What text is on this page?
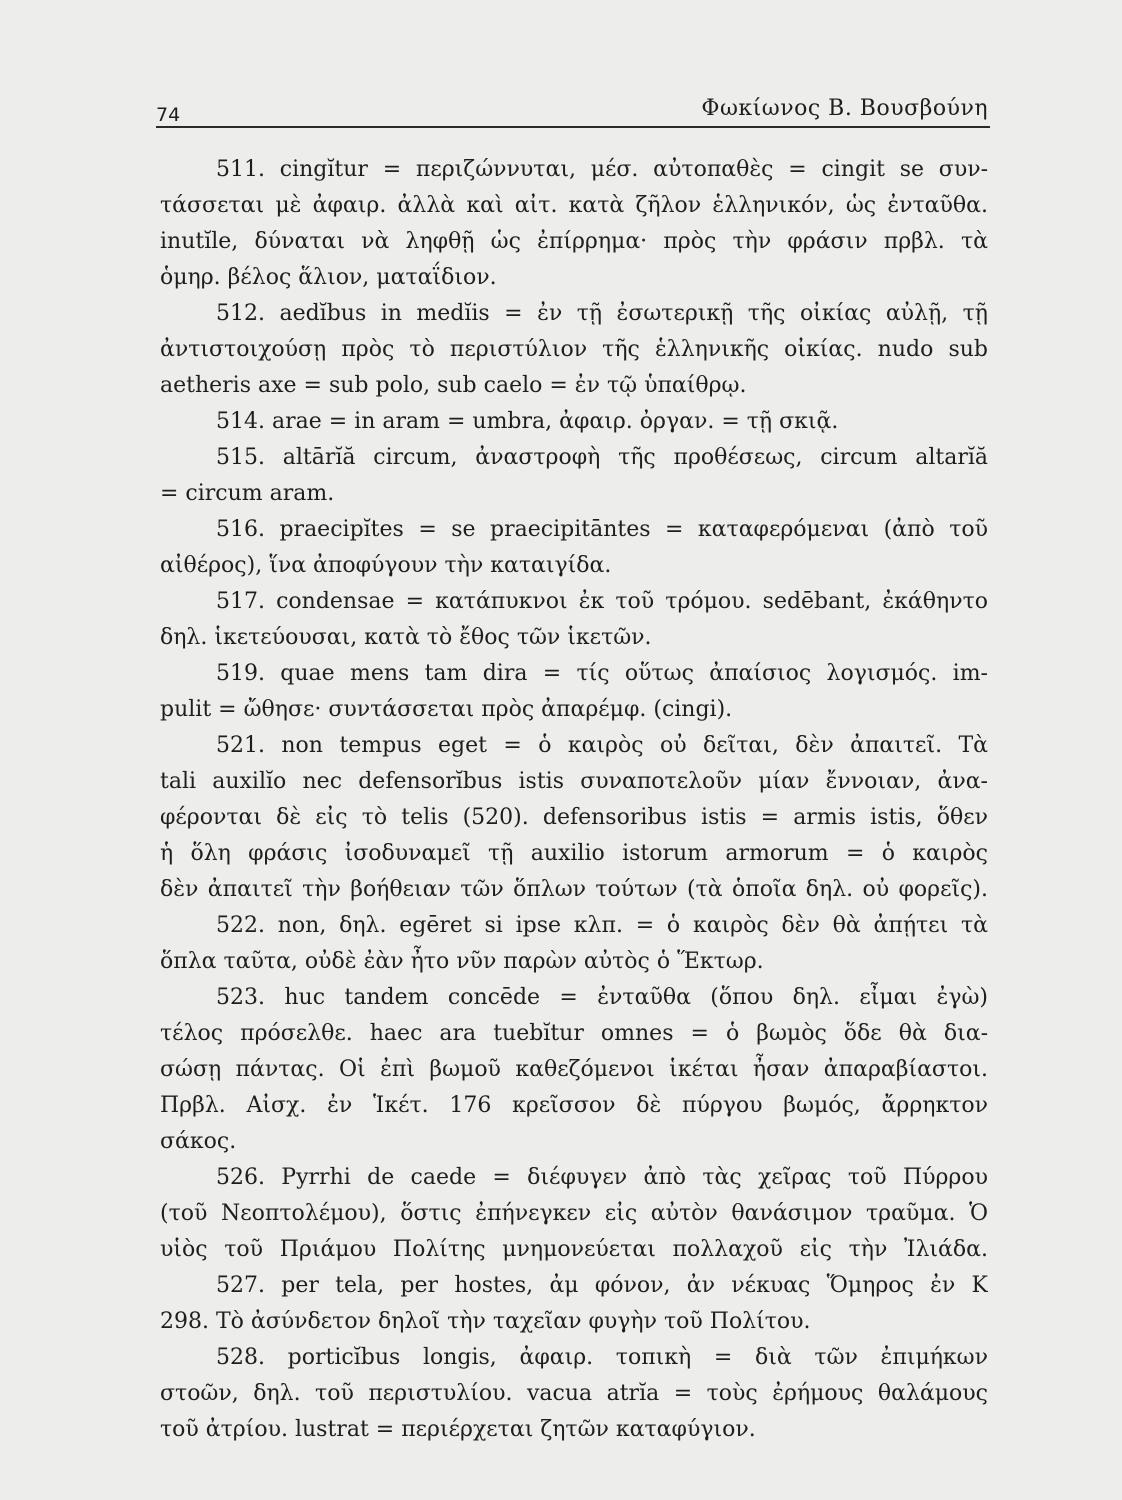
74	Φωκίωνος Β. Βουσβούνη
511. cingĭtur = περιζώννυται, μέσ. αὐτοπαθὲς = cingit se συν-
τάσσεται μὲ ἀφαιρ. ἀλλὰ καὶ αἰτ. κατὰ ζῆλον ἑλληνικόν, ὡς ἐνταῦθα.
inutĭle, δύναται νὰ ληφθῇ ὡς ἐπίρρημα· πρὸς τὴν φράσιν πρβλ. τὰ
ὁμηρ. βέλος ἅλιον, ματαΐδιον.
512. aedĭbus in medĭis = ἐν τῇ ἐσωτερικῇ τῆς οἰκίας αὐλῇ, τῇ
ἀντιστοιχούσῃ πρὸς τὸ περιστύλιον τῆς ἑλληνικῆς οἰκίας. nudo sub
aetheris axe = sub polo, sub caelo = ἐν τῷ ὑπαίθρῳ.
514. arae = in aram = umbra, ἀφαιρ. ὀργαν. = τῇ σκιᾷ.
515. altārĭă circum, ἀναστροφὴ τῆς προθέσεως, circum altarĭă
= circum aram.
516. praecipĭtes = se praecipitāntes = καταφερόμεναι (ἀπὸ τοῦ
αἰθέρος), ἵνα ἀποφύγουν τὴν καταιγίδα.
517. condensae = κατάπυκνοι ἐκ τοῦ τρόμου. sedēbant, ἐκάθηντο
δηλ. ἱκετεύουσαι, κατὰ τὸ ἔθος τῶν ἱκετῶν.
519. quae mens tam dira = τίς οὕτως ἀπαίσιος λογισμός. im-
pulit = ὤθησε· συντάσσεται πρὸς ἀπαρέμφ. (cingi).
521. non tempus eget = ὁ καιρὸς οὐ δεῖται, δὲν ἀπαιτεῖ. Τὰ
tali auxilĭo nec defensorĭbus istis συναποτελοῦν μίαν ἔννοιαν, ἀνα-
φέρονται δὲ εἰς τὸ telis (520). defensoribus istis = armis istis, ὅθεν
ἡ ὅλη φράσις ἰσοδυναμεῖ τῇ auxilio istorum armorum = ὁ καιρὸς
δὲν ἀπαιτεῖ τὴν βοήθειαν τῶν ὅπλων τούτων (τὰ ὁποῖα δηλ. οὐ φορεῖς).
522. non, δηλ. egēret si ipse κλπ. = ὁ καιρὸς δὲν θὰ ἀπῄτει τὰ
ὅπλα ταῦτα, οὐδὲ ἐὰν ἦτο νῦν παρὼν αὐτὸς ὁ Ἕκτωρ.
523. huc tandem concēde = ἐνταῦθα (ὅπου δηλ. εἶμαι ἐγὼ)
τέλος πρόσελθε. haec ara tuebĭtur omnes = ὁ βωμὸς ὅδε θὰ δια-
σώσῃ πάντας. Οἱ ἐπὶ βωμοῦ καθεζόμενοι ἱκέται ἦσαν ἀπαραβίαστοι.
Πρβλ. Αἰσχ. ἐν Ἱκέτ. 176 κρεῖσσον δὲ πύργου βωμός, ἄρρηκτον
σάκος.
526. Pyrrhi de caede = διέφυγεν ἀπὸ τὰς χεῖρας τοῦ Πύρρου
(τοῦ Νεοπτολέμου), ὅστις ἐπήνεγκεν εἰς αὐτὸν θανάσιμον τραῦμα. Ὁ
υἱὸς τοῦ Πριάμου Πολίτης μνημονεύεται πολλαχοῦ εἰς τὴν Ἰλιάδα.
527. per tela, per hostes, ἀμ φόνον, ἀν νέκυας Ὅμηρος ἐν Κ
298. Τὸ ἀσύνδετον δηλοῖ τὴν ταχεῖαν φυγὴν τοῦ Πολίτου.
528. porticĭbus longis, ἀφαιρ. τοπικὴ = διὰ τῶν ἐπιμήκων
στοῶν, δηλ. τοῦ περιστυλίου. vacua atrĭa = τοὺς ἐρήμους θαλάμους
τοῦ ἀτρίου. lustrat = περιέρχεται ζητῶν καταφύγιον.
